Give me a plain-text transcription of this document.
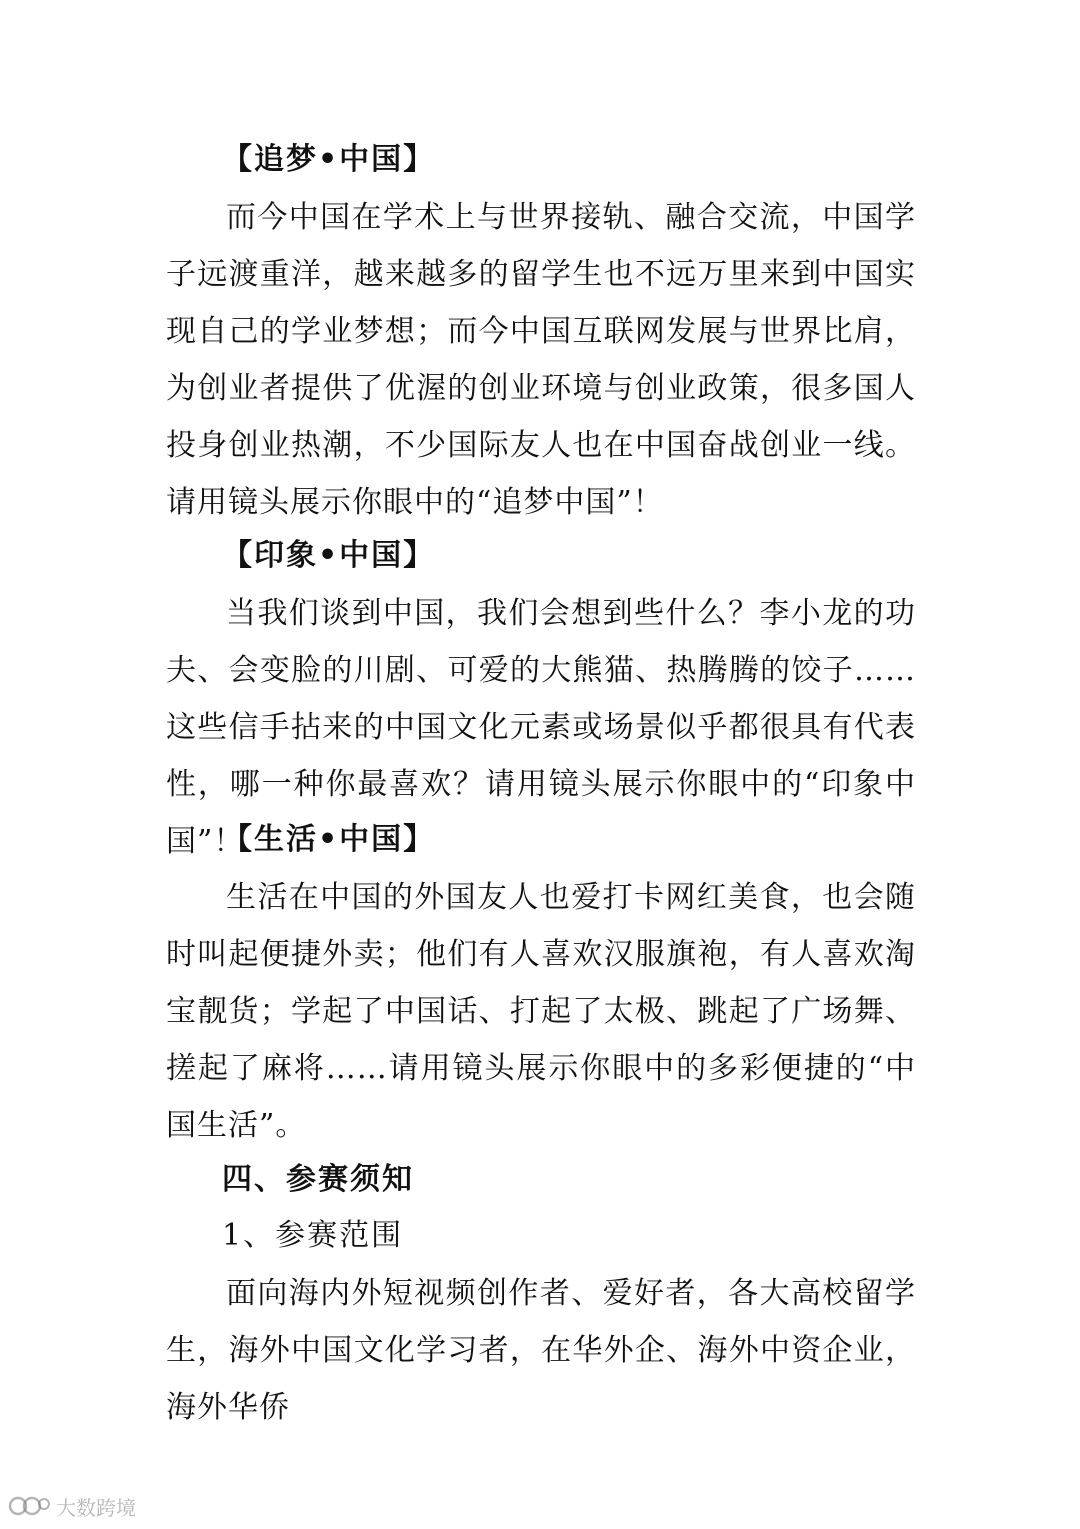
【追梦•中国】
而今中国在学术上与世界接轨、融合交流，中国学子远渡重洋，越来越多的留学生也不远万里来到中国实现自己的学业梦想；而今中国互联网发展与世界比肩，为创业者提供了优渥的创业环境与创业政策，很多国人投身创业热潮，不少国际友人也在中国奋战创业一线。请用镜头展示你眼中的“追梦中国”！
【印象•中国】
当我们谈到中国，我们会想到些什么？李小龙的功夫、会变脸的川剧、可爱的大熊猫、热腾腾的饺子……这些信手拈来的中国文化元素或场景似乎都很具有代表性，哪一种你最喜欢？请用镜头展示你眼中的“印象中国”！
【生活•中国】
生活在中国的外国友人也爱打卡网红美食，也会随时叫起便捷外卖；他们有人喜欢汉服旗袍，有人喜欢淘宝靓货；学起了中国话、打起了太极、跳起了广场舞、搓起了麻将……请用镜头展示你眼中的多彩便捷的“中国生活”。
四、参赛须知
1、参赛范围
面向海内外短视频创作者、爱好者，各大高校留学生，海外中国文化学习者，在华外企、海外中资企业，海外华侨
大数跨境
